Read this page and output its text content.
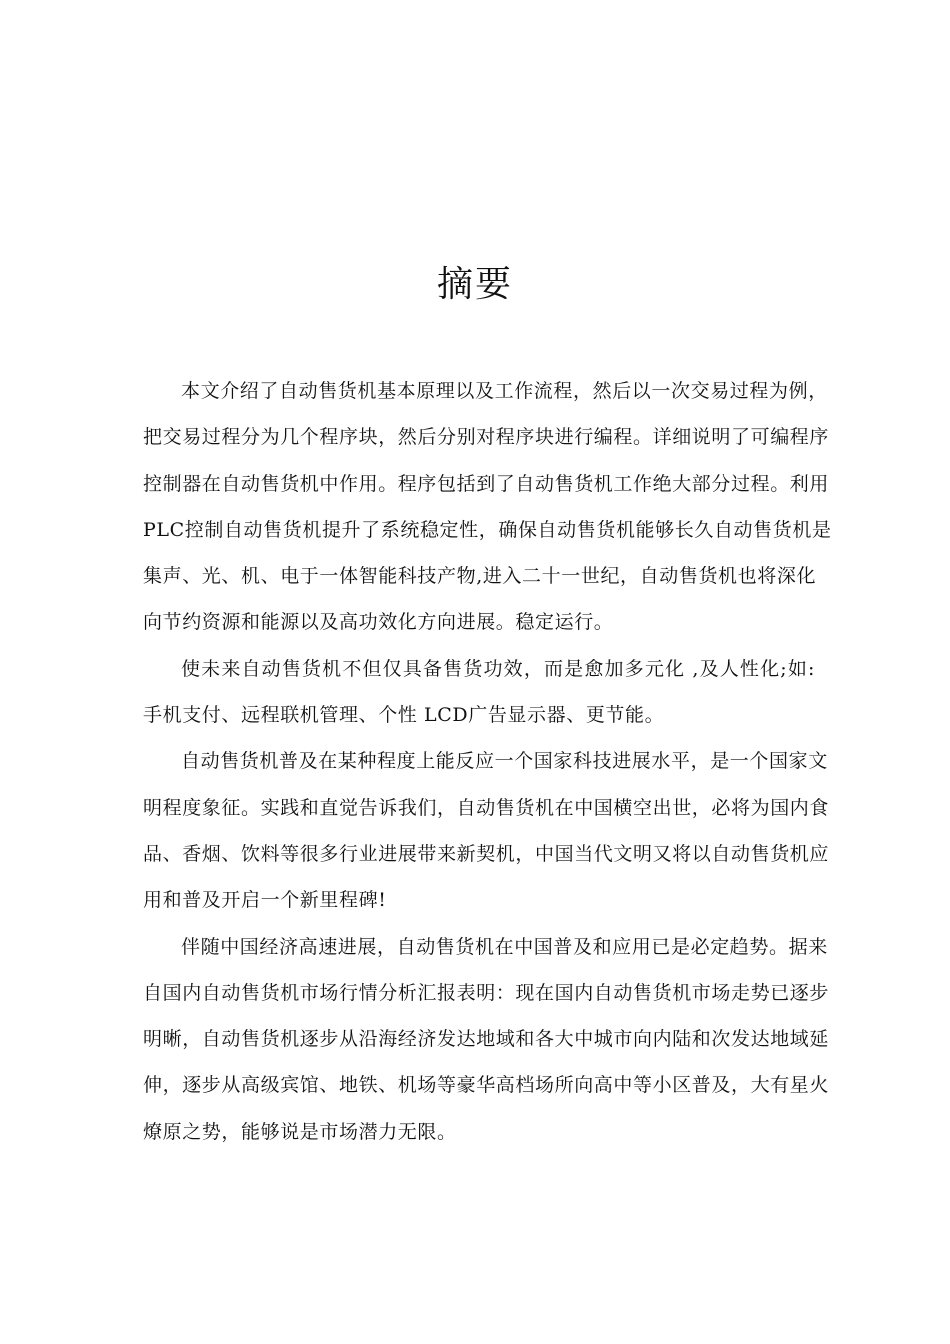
摘要
本文介绍了自动售货机基本原理以及工作流程，然后以一次交易过程为例，
把交易过程分为几个程序块，然后分别对程序块进行编程。详细说明了可编程序
控制器在自动售货机中作用。程序包括到了自动售货机工作绝大部分过程。利用
PLC控制自动售货机提升了系统稳定性，确保自动售货机能够长久自动售货机是
集声、光、机、电于一体智能科技产物,进入二十一世纪，自动售货机也将深化
向节约资源和能源以及高功效化方向进展。稳定运行。
使未来自动售货机不但仅具备售货功效，而是愈加多元化 ,及人性化;如:
手机支付、远程联机管理、个性 LCD广告显示器、更节能。
自动售货机普及在某种程度上能反应一个国家科技进展水平，是一个国家文
明程度象征。实践和直觉告诉我们，自动售货机在中国横空出世，必将为国内食
品、香烟、饮料等很多行业进展带来新契机，中国当代文明又将以自动售货机应
用和普及开启一个新里程碑!
伴随中国经济高速进展，自动售货机在中国普及和应用已是必定趋势。据来
自国内自动售货机市场行情分析汇报表明：现在国内自动售货机市场走势已逐步
明晰，自动售货机逐步从沿海经济发达地域和各大中城市向内陆和次发达地域延
伸，逐步从高级宾馆、地铁、机场等豪华高档场所向高中等小区普及，大有星火
燎原之势，能够说是市场潜力无限。
